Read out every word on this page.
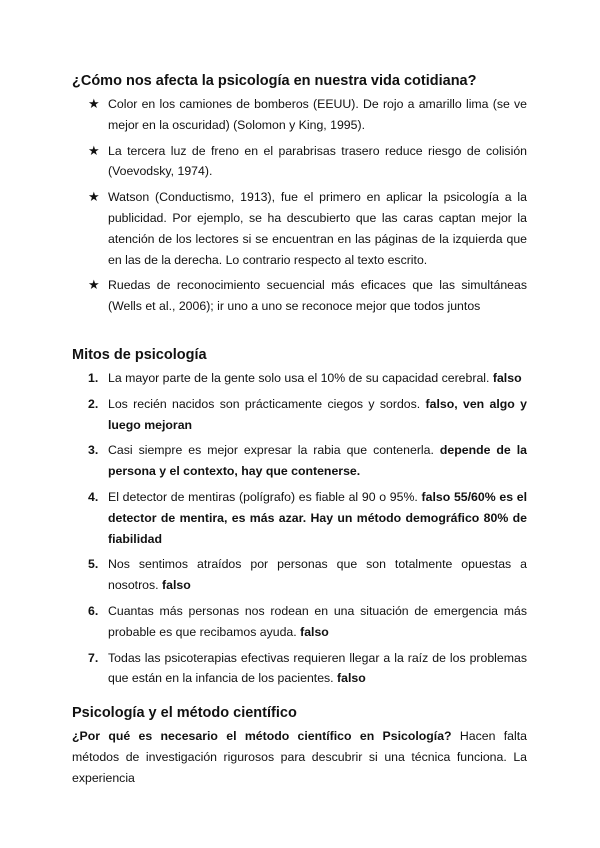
¿Cómo nos afecta la psicología en nuestra vida cotidiana?
★ Color en los camiones de bomberos (EEUU). De rojo a amarillo lima (se ve mejor en la oscuridad) (Solomon y King, 1995).
★ La tercera luz de freno en el parabrisas trasero reduce riesgo de colisión (Voevodsky, 1974).
★ Watson (Conductismo, 1913), fue el primero en aplicar la psicología a la publicidad. Por ejemplo, se ha descubierto que las caras captan mejor la atención de los lectores si se encuentran en las páginas de la izquierda que en las de la derecha. Lo contrario respecto al texto escrito.
★ Ruedas de reconocimiento secuencial más eficaces que las simultáneas (Wells et al., 2006); ir uno a uno se reconoce mejor que todos juntos
Mitos de psicología
1. La mayor parte de la gente solo usa el 10% de su capacidad cerebral. falso
2. Los recién nacidos son prácticamente ciegos y sordos. falso, ven algo y luego mejoran
3. Casi siempre es mejor expresar la rabia que contenerla. depende de la persona y el contexto, hay que contenerse.
4. El detector de mentiras (polígrafo) es fiable al 90 o 95%. falso 55/60% es el detector de mentira, es más azar. Hay un método demográfico 80% de fiabilidad
5. Nos sentimos atraídos por personas que son totalmente opuestas a nosotros. falso
6. Cuantas más personas nos rodean en una situación de emergencia más probable es que recibamos ayuda. falso
7. Todas las psicoterapias efectivas requieren llegar a la raíz de los problemas que están en la infancia de los pacientes. falso
Psicología y el método científico

¿Por qué es necesario el método científico en Psicología? Hacen falta métodos de investigación rigurosos para descubrir si una técnica funciona. La experiencia
